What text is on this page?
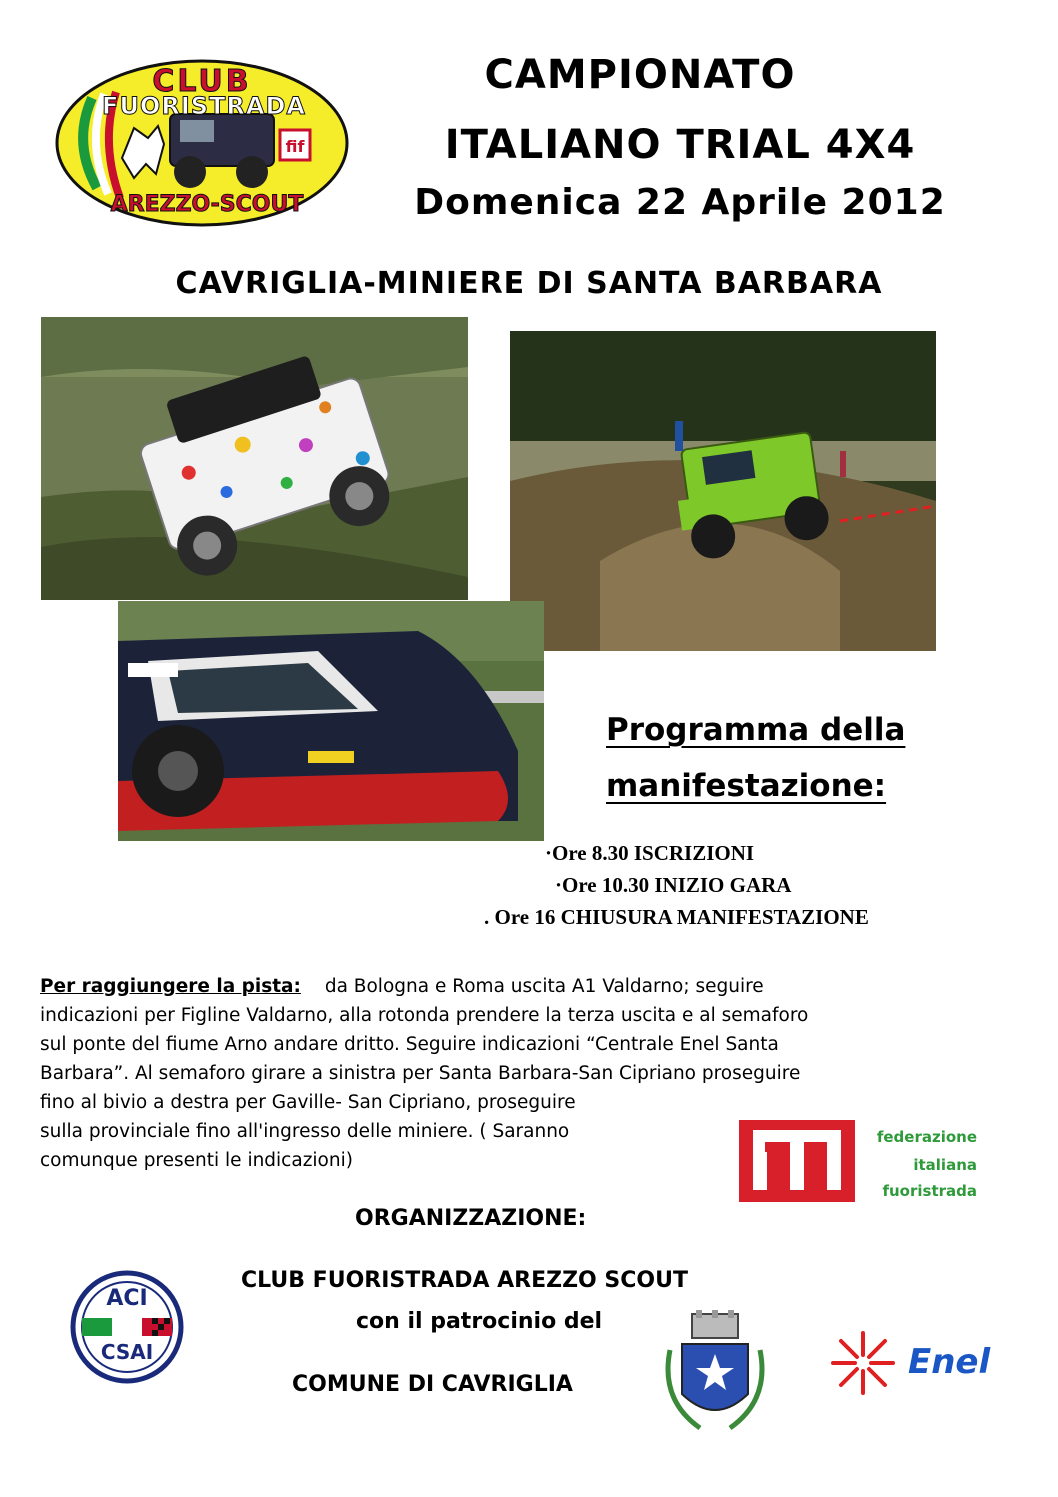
fif
CLUB
FUORISTRADA
AREZZO-SCOUT
CAMPIONATO
ITALIANO TRIAL 4X4
Domenica 22 Aprile 2012
CAVRIGLIA-MINIERE DI SANTA BARBARA
Programma della
manifestazione:
·Ore 8.30 ISCRIZIONI
·Ore 10.30 INIZIO GARA
. Ore 16 CHIUSURA MANIFESTAZIONE
Per raggiungere la pista: da Bologna e Roma uscita A1 Valdarno; seguire
indicazioni per Figline Valdarno, alla rotonda prendere la terza uscita e al semaforo
sul ponte del fiume Arno andare dritto. Seguire indicazioni “Centrale Enel Santa
Barbara”. Al semaforo girare a sinistra per Santa Barbara-San Cipriano proseguire
fino al bivio a destra per Gaville- San Cipriano, proseguire
sulla provinciale fino all'ingresso delle miniere. ( Saranno
comunque presenti le indicazioni)
federazione
italiana
fuoristrada
ORGANIZZAZIONE:
CLUB FUORISTRADA AREZZO SCOUT
con il patrocinio del
COMUNE DI CAVRIGLIA
ACI
CSAI	Enel
